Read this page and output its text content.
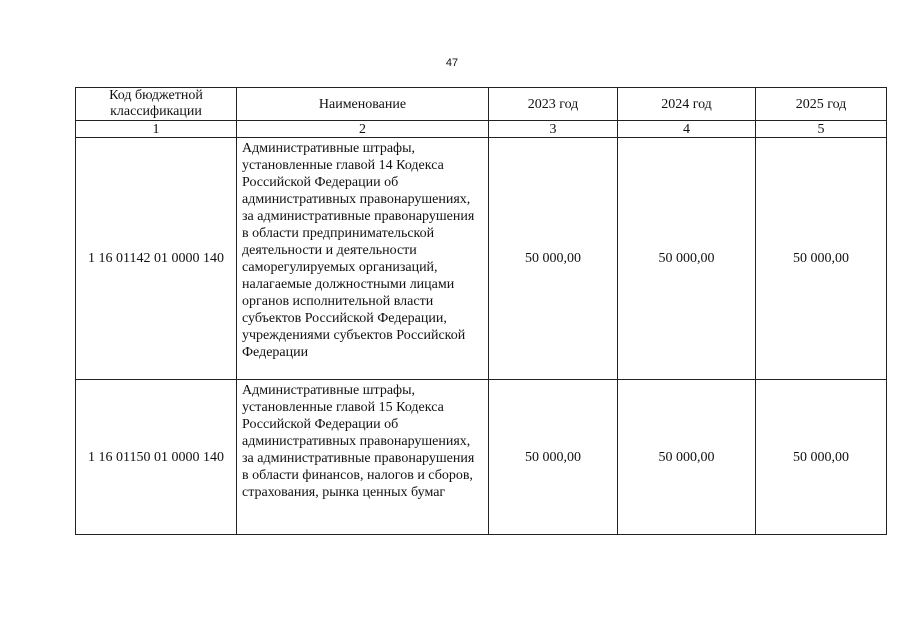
47
Код бюджетной классификации	Наименование	2023 год	2024 год	2025 год
1	2	3	4	5
1 16 01142 01 0000 140	Административные штрафы, установленные главой 14 Кодекса Российской Федерации об административных правонарушениях, за административные правонарушения в области предпринимательской деятельности и деятельности саморегулируемых организаций, налагаемые должностными лицами органов исполнительной власти субъектов Российской Федерации, учреждениями субъектов Российской Федерации	50 000,00	50 000,00	50 000,00
1 16 01150 01 0000 140	Административные штрафы, установленные главой 15 Кодекса Российской Федерации об административных правонарушениях, за административные правонарушения в области финансов, налогов и сборов, страхования, рынка ценных бумаг	50 000,00	50 000,00	50 000,00
